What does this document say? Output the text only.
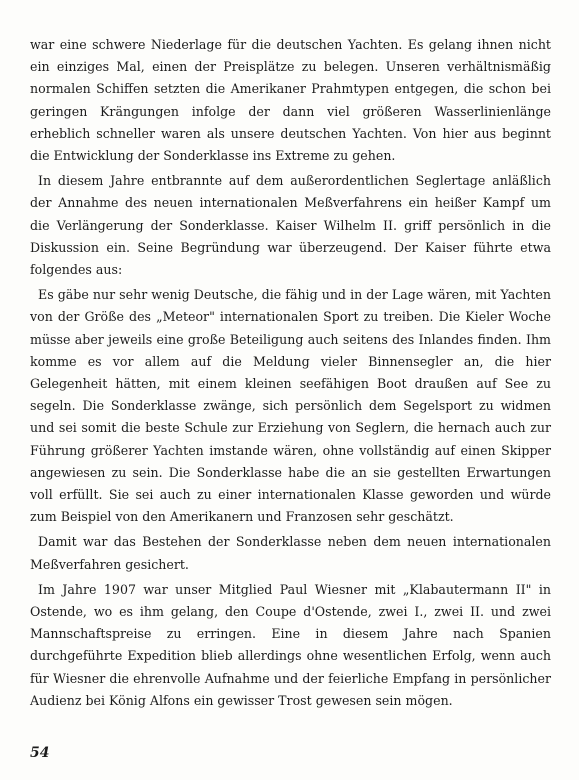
war eine schwere Niederlage für die deutschen Yachten. Es gelang ihnen nicht ein einziges Mal, einen der Preisplätze zu belegen. Unseren verhältnismäßig normalen Schiffen setzten die Amerikaner Prahmtypen entgegen, die schon bei geringen Krängungen infolge der dann viel größeren Wasserlinienlänge erheblich schneller waren als unsere deutschen Yachten. Von hier aus beginnt die Entwicklung der Sonderklasse ins Extreme zu gehen.

In diesem Jahre entbrannte auf dem außerordentlichen Seglertage anläßlich der Annahme des neuen internationalen Meßverfahrens ein heißer Kampf um die Verlängerung der Sonderklasse. Kaiser Wilhelm II. griff persönlich in die Diskussion ein. Seine Begründung war überzeugend. Der Kaiser führte etwa folgendes aus:

Es gäbe nur sehr wenig Deutsche, die fähig und in der Lage wären, mit Yachten von der Größe des „Meteor" internationalen Sport zu treiben. Die Kieler Woche müsse aber jeweils eine große Beteiligung auch seitens des Inlandes finden. Ihm komme es vor allem auf die Meldung vieler Binnensegler an, die hier Gelegenheit hätten, mit einem kleinen seefähigen Boot draußen auf See zu segeln. Die Sonderklasse zwänge, sich persönlich dem Segelsport zu widmen und sei somit die beste Schule zur Erziehung von Seglern, die hernach auch zur Führung größerer Yachten imstande wären, ohne vollständig auf einen Skipper angewiesen zu sein. Die Sonderklasse habe die an sie gestellten Erwartungen voll erfüllt. Sie sei auch zu einer internationalen Klasse geworden und würde zum Beispiel von den Amerikanern und Franzosen sehr geschätzt.

Damit war das Bestehen der Sonderklasse neben dem neuen internationalen Meßverfahren gesichert.

Im Jahre 1907 war unser Mitglied Paul Wiesner mit „Klabautermann II" in Ostende, wo es ihm gelang, den Coupe d'Ostende, zwei I., zwei II. und zwei Mannschaftspreise zu erringen. Eine in diesem Jahre nach Spanien durchgeführte Expedition blieb allerdings ohne wesentlichen Erfolg, wenn auch für Wiesner die ehrenvolle Aufnahme und der feierliche Empfang in persönlicher Audienz bei König Alfons ein gewisser Trost gewesen sein mögen.

54
